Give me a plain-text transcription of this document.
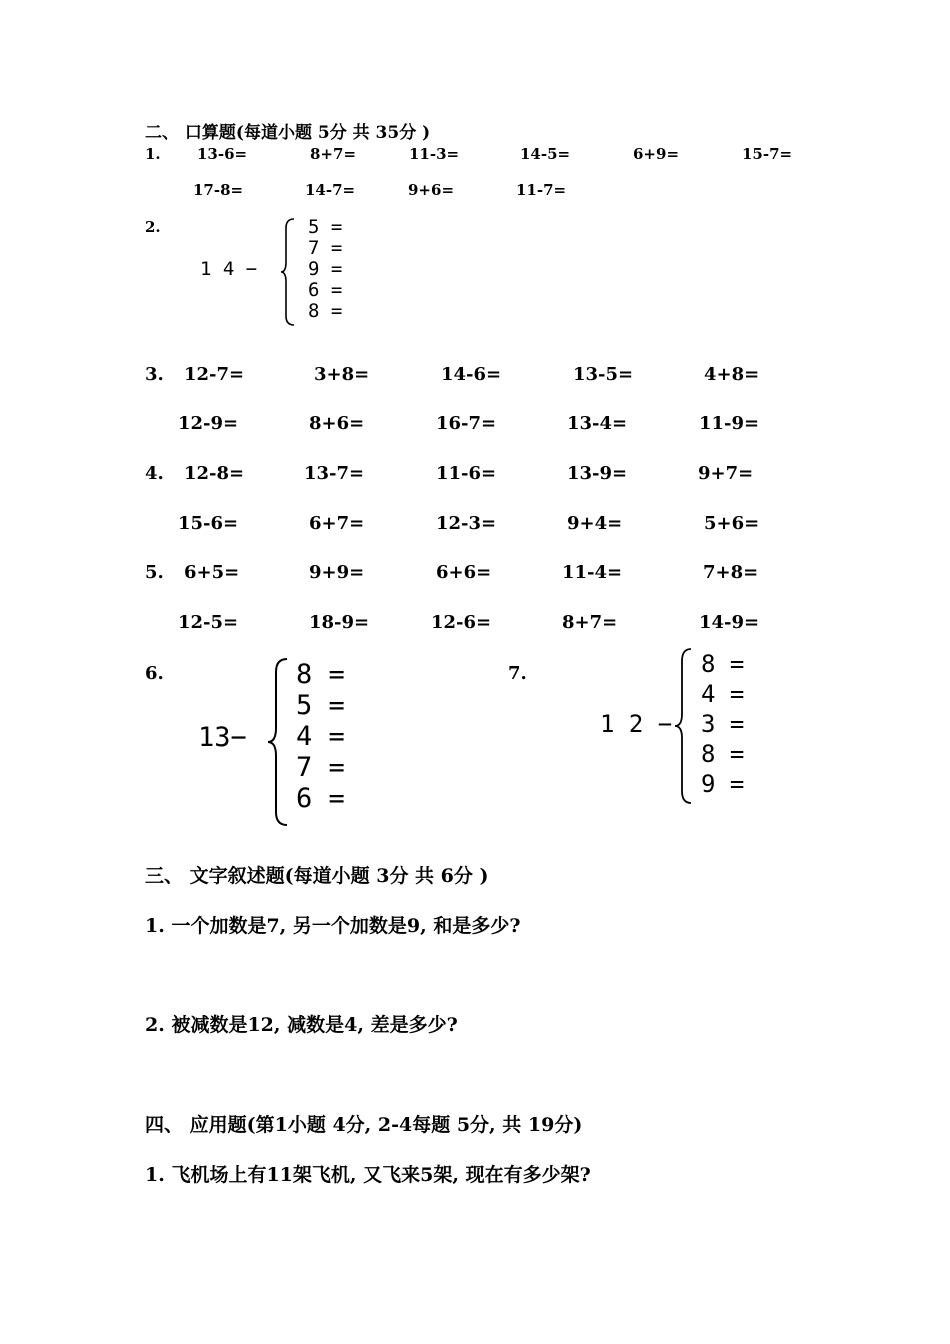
二、 口算题(每道小题 5分 共 35分 )
1. 13-6=	8+7=	11-3=	14-5=	6+9=	15-7=
17-8=	14-7=	9+6=	11-7=
2.
1 4 −
5 =
7 =
9 =
6 =
8 =
3. 12-7=	3+8=	14-6=	13-5=	4+8=
12-9=	8+6=	16-7=	13-4=	11-9=
4. 12-8=	13-7=	11-6=	13-9=	9+7=
15-6=	6+7=	12-3=	9+4=	5+6=
5. 6+5=	9+9=	6+6=	11-4=	7+8=
12-5=	18-9=	12-6=	8+7=	14-9=
6.
13−
8 =
5 =
4 =
7 =
6 =
7.
1 2 −
8 =
4 =
3 =
8 =
9 =
三、 文字叙述题(每道小题 3分 共 6分 )
1. 一个加数是7, 另一个加数是9, 和是多少?
2. 被减数是12, 减数是4, 差是多少?
四、 应用题(第1小题 4分, 2-4每题 5分, 共 19分)
1. 飞机场上有11架飞机, 又飞来5架, 现在有多少架?
